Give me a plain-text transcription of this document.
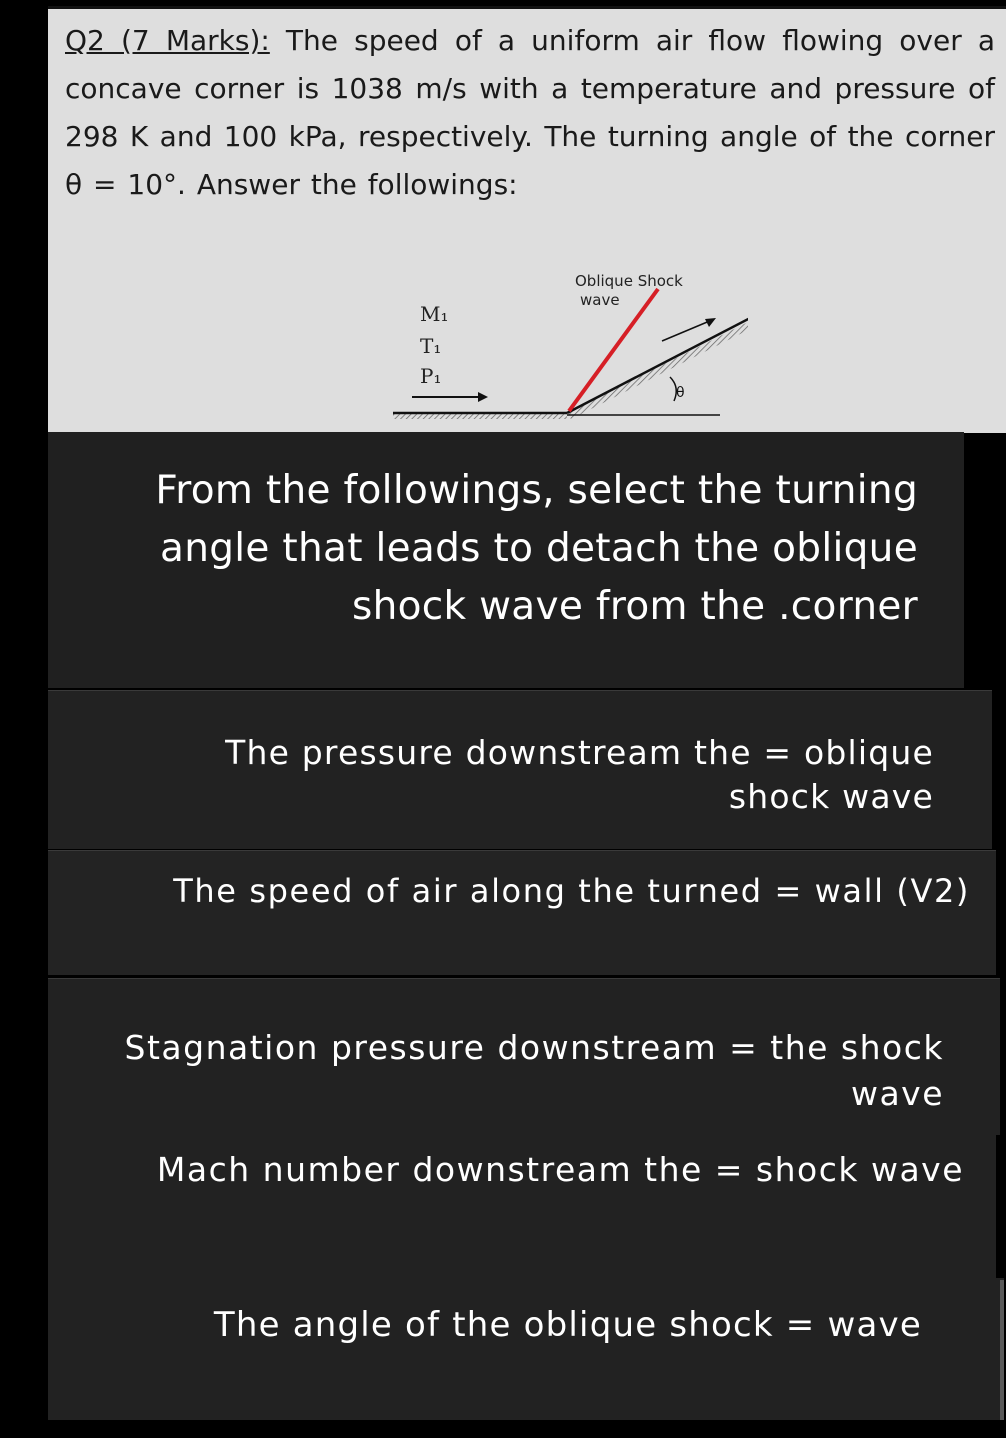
Q2 (7 Marks): The speed of a uniform air flow flowing over a concave corner is 1038 m/s with a temperature and pressure of 298 K and 100 kPa, respectively. The turning angle of the corner θ = 10°. Answer the followings:
Oblique Shock
wave
M₁
T₁
P₁
θ
From the followings, select the turning angle that leads to detach the oblique shock wave from the .corner
The pressure downstream the = oblique shock wave
The speed of air along the turned = wall (V2)
Stagnation pressure downstream = the shock wave
Mach number downstream the = shock wave
The angle of the oblique shock = wave
